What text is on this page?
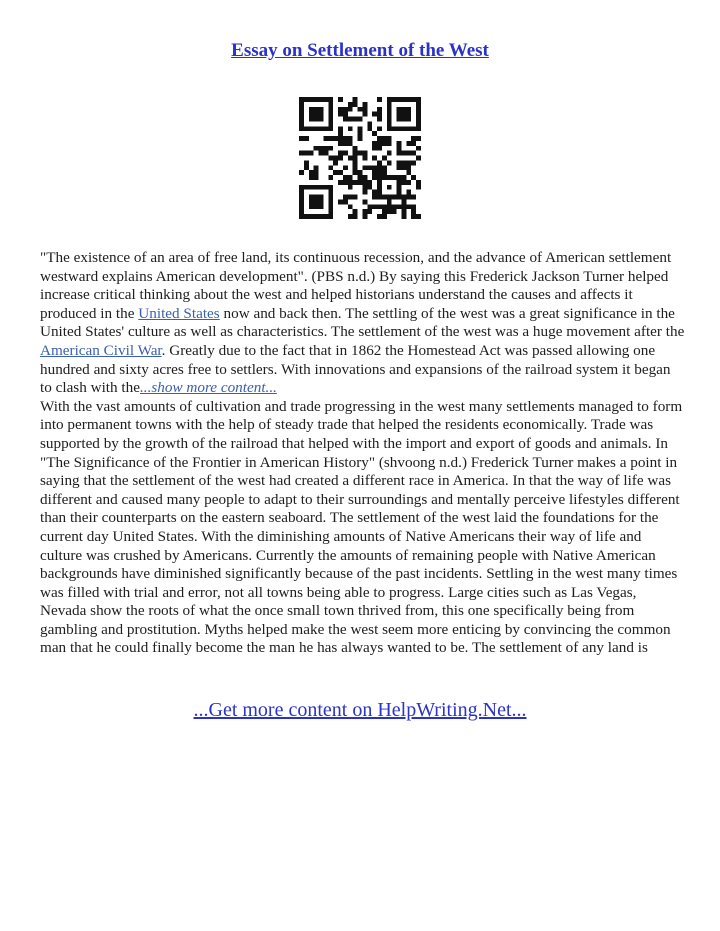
Essay on Settlement of the West

"The existence of an area of free land, its continuous recession, and the advance of American settlement westward explains American development". (PBS n.d.) By saying this Frederick Jackson Turner helped increase critical thinking about the west and helped historians understand the causes and affects it produced in the United States now and back then. The settling of the west was a great significance in the United States' culture as well as characteristics. The settlement of the west was a huge movement after the American Civil War. Greatly due to the fact that in 1862 the Homestead Act was passed allowing one hundred and sixty acres free to settlers. With innovations and expansions of the railroad system it began to clash with the...show more content...

With the vast amounts of cultivation and trade progressing in the west many settlements managed to form into permanent towns with the help of steady trade that helped the residents economically. Trade was supported by the growth of the railroad that helped with the import and export of goods and animals. In "The Significance of the Frontier in American History" (shvoong n.d.) Frederick Turner makes a point in saying that the settlement of the west had created a different race in America. In that the way of life was different and caused many people to adapt to their surroundings and mentally perceive lifestyles different than their counterparts on the eastern seaboard. The settlement of the west laid the foundations for the current day United States. With the diminishing amounts of Native Americans their way of life and culture was crushed by Americans. Currently the amounts of remaining people with Native American backgrounds have diminished significantly because of the past incidents. Settling in the west many times was filled with trial and error, not all towns being able to progress. Large cities such as Las Vegas, Nevada show the roots of what the once small town thrived from, this one specifically being from gambling and prostitution. Myths helped make the west seem more enticing by convincing the common man that he could finally become the man he has always wanted to be. The settlement of any land is

...Get more content on HelpWriting.Net...
